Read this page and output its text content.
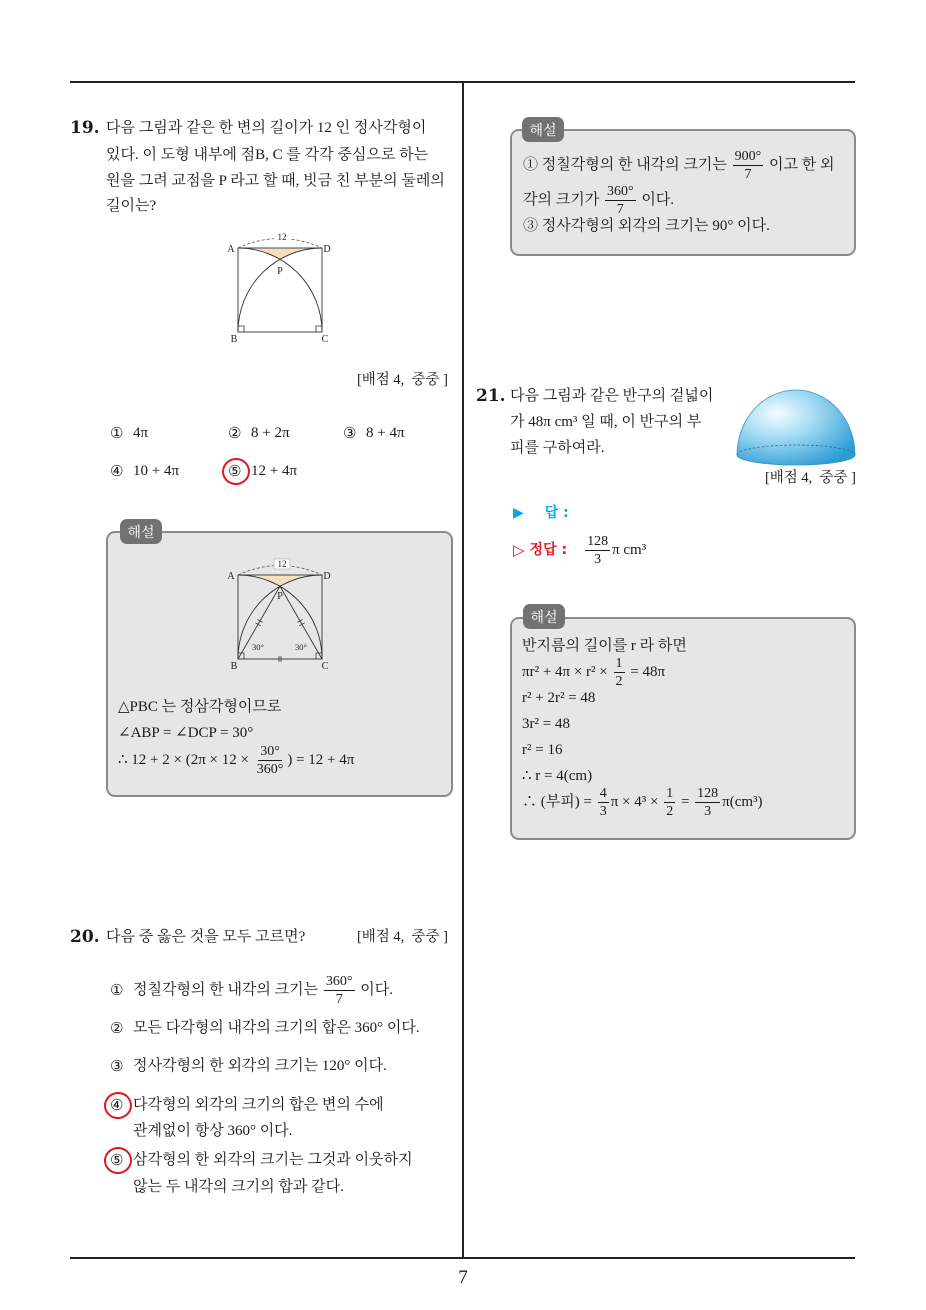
19. 다음 그림과 같은 한 변의 길이가 12 인 정사각형이
있다. 이 도형 내부에 점B, C 를 각각 중심으로 하는
원을 그려 교점을 P 라고 할 때, 빗금 친 부분의 둘레의
길이는?
12
A	D
B	C
P
[배점 4,  중중 ]
① 4π	② 8 + 2π	③ 8 + 4π
④ 10 + 4π	⑤ 12 + 4π
해설
12
30°	30°
A	D
B	C
P
△PBC 는 정삼각형이므로
∠ABP = ∠DCP = 30°
∴ $12 + 2 \times (2\pi \times 12 \times \frac{30^\circ}{360^\circ}$ ) = 12 + 4π
20. 다음 중 옳은 것을 모두 고르면?	[배점 4,  중중 ]
① 정칠각형의 한 내각의 크기는 $\frac{360^\circ}{7}$ 이다.
② 모든 다각형의 내각의 크기의 합은 360° 이다.
③ 정사각형의 한 외각의 크기는 120° 이다.
④ 다각형의 외각의 크기의 합은 변의 수에
관계없이 항상 360° 이다.
⑤ 삼각형의 한 외각의 크기는 그것과 이웃하지
않는 두 내각의 크기의 합과 같다.
해설
① 정칠각형의 한 내각의 크기는 $\frac{900^\circ}{7}$ 이고 한 외
각의 크기가 $\frac{360^\circ}{7}$ 이다.
③ 정사각형의 외각의 크기는 90° 이다.
21. 다음 그림과 같은 반구의 겉넓이
가 48π cm³ 일 때, 이 반구의 부
피를 구하여라.
[배점 4,  중중 ]
▶ 답 :
▷ 정답 : $\frac{128}{3}$ π cm³
해설
반지름의 길이를 r 라 하면
$\pi r^2 + 4\pi \times r^2 \times \frac{1}{2} = 48\pi$
r² + 2r² = 48
3r² = 48
r² = 16
∴ r = 4(cm)
∴ (부피) = $\frac{4}{3}$ $\pi \times 4^3 \times \frac{1}{2} = \frac{128}{3} \pi(cm^3)$
7
